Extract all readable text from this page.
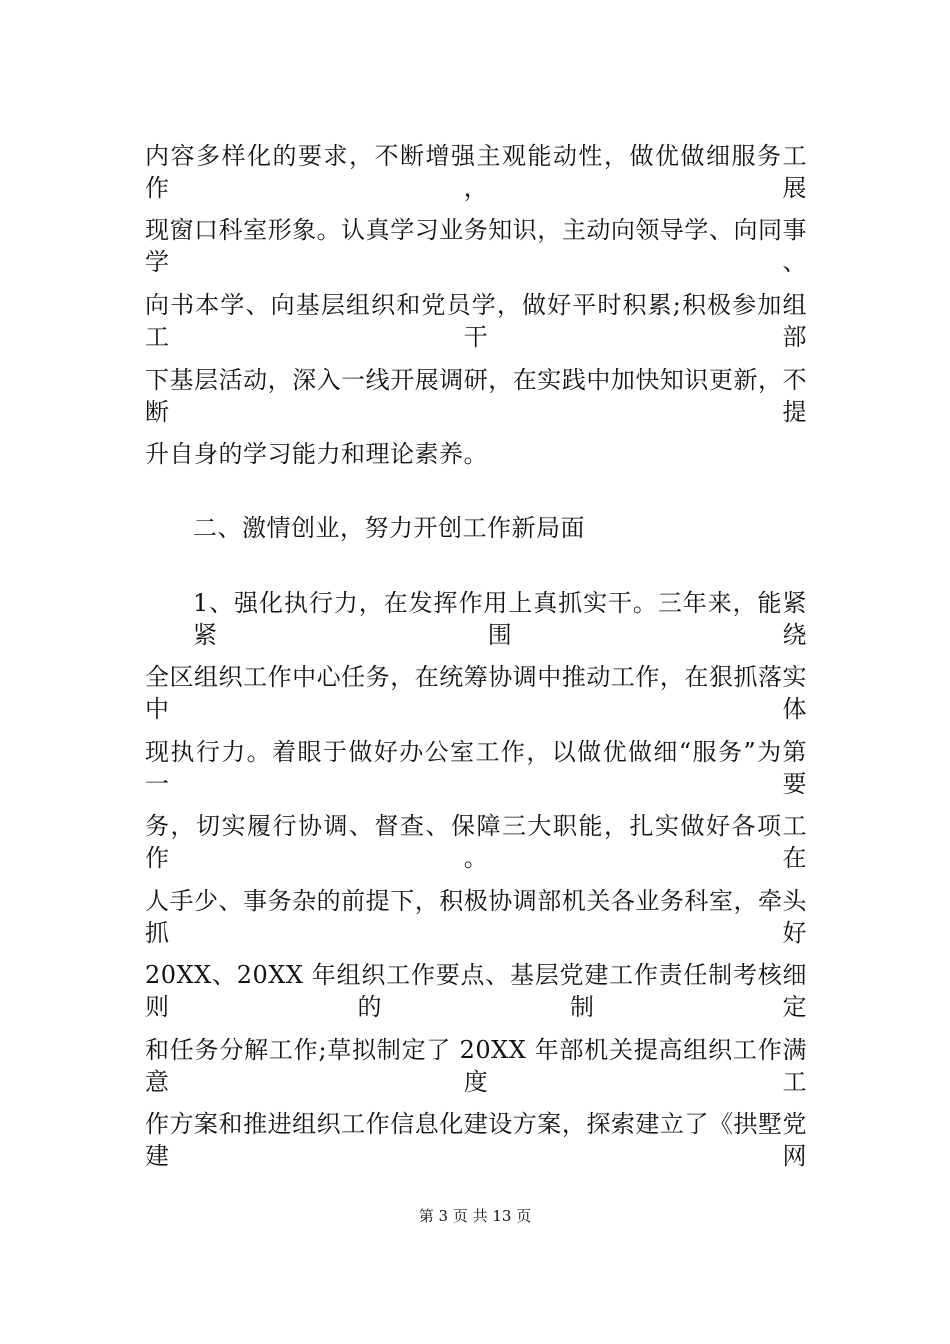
内容多样化的要求，不断增强主观能动性，做优做细服务工作，展
现窗口科室形象。认真学习业务知识，主动向领导学、向同事学、
向书本学、向基层组织和党员学，做好平时积累;积极参加组工干部
下基层活动，深入一线开展调研，在实践中加快知识更新，不断提
升自身的学习能力和理论素养。
二、激情创业，努力开创工作新局面
1、强化执行力，在发挥作用上真抓实干。三年来，能紧紧围绕
全区组织工作中心任务，在统筹协调中推动工作，在狠抓落实中体
现执行力。着眼于做好办公室工作，以做优做细“服务”为第一要
务，切实履行协调、督查、保障三大职能，扎实做好各项工作。在
人手少、事务杂的前提下，积极协调部机关各业务科室，牵头抓好
20XX、20XX 年组织工作要点、基层党建工作责任制考核细则的制定
和任务分解工作;草拟制定了 20XX 年部机关提高组织工作满意度工
作方案和推进组织工作信息化建设方案，探索建立了《拱墅党建网
第 3 页 共 13 页
